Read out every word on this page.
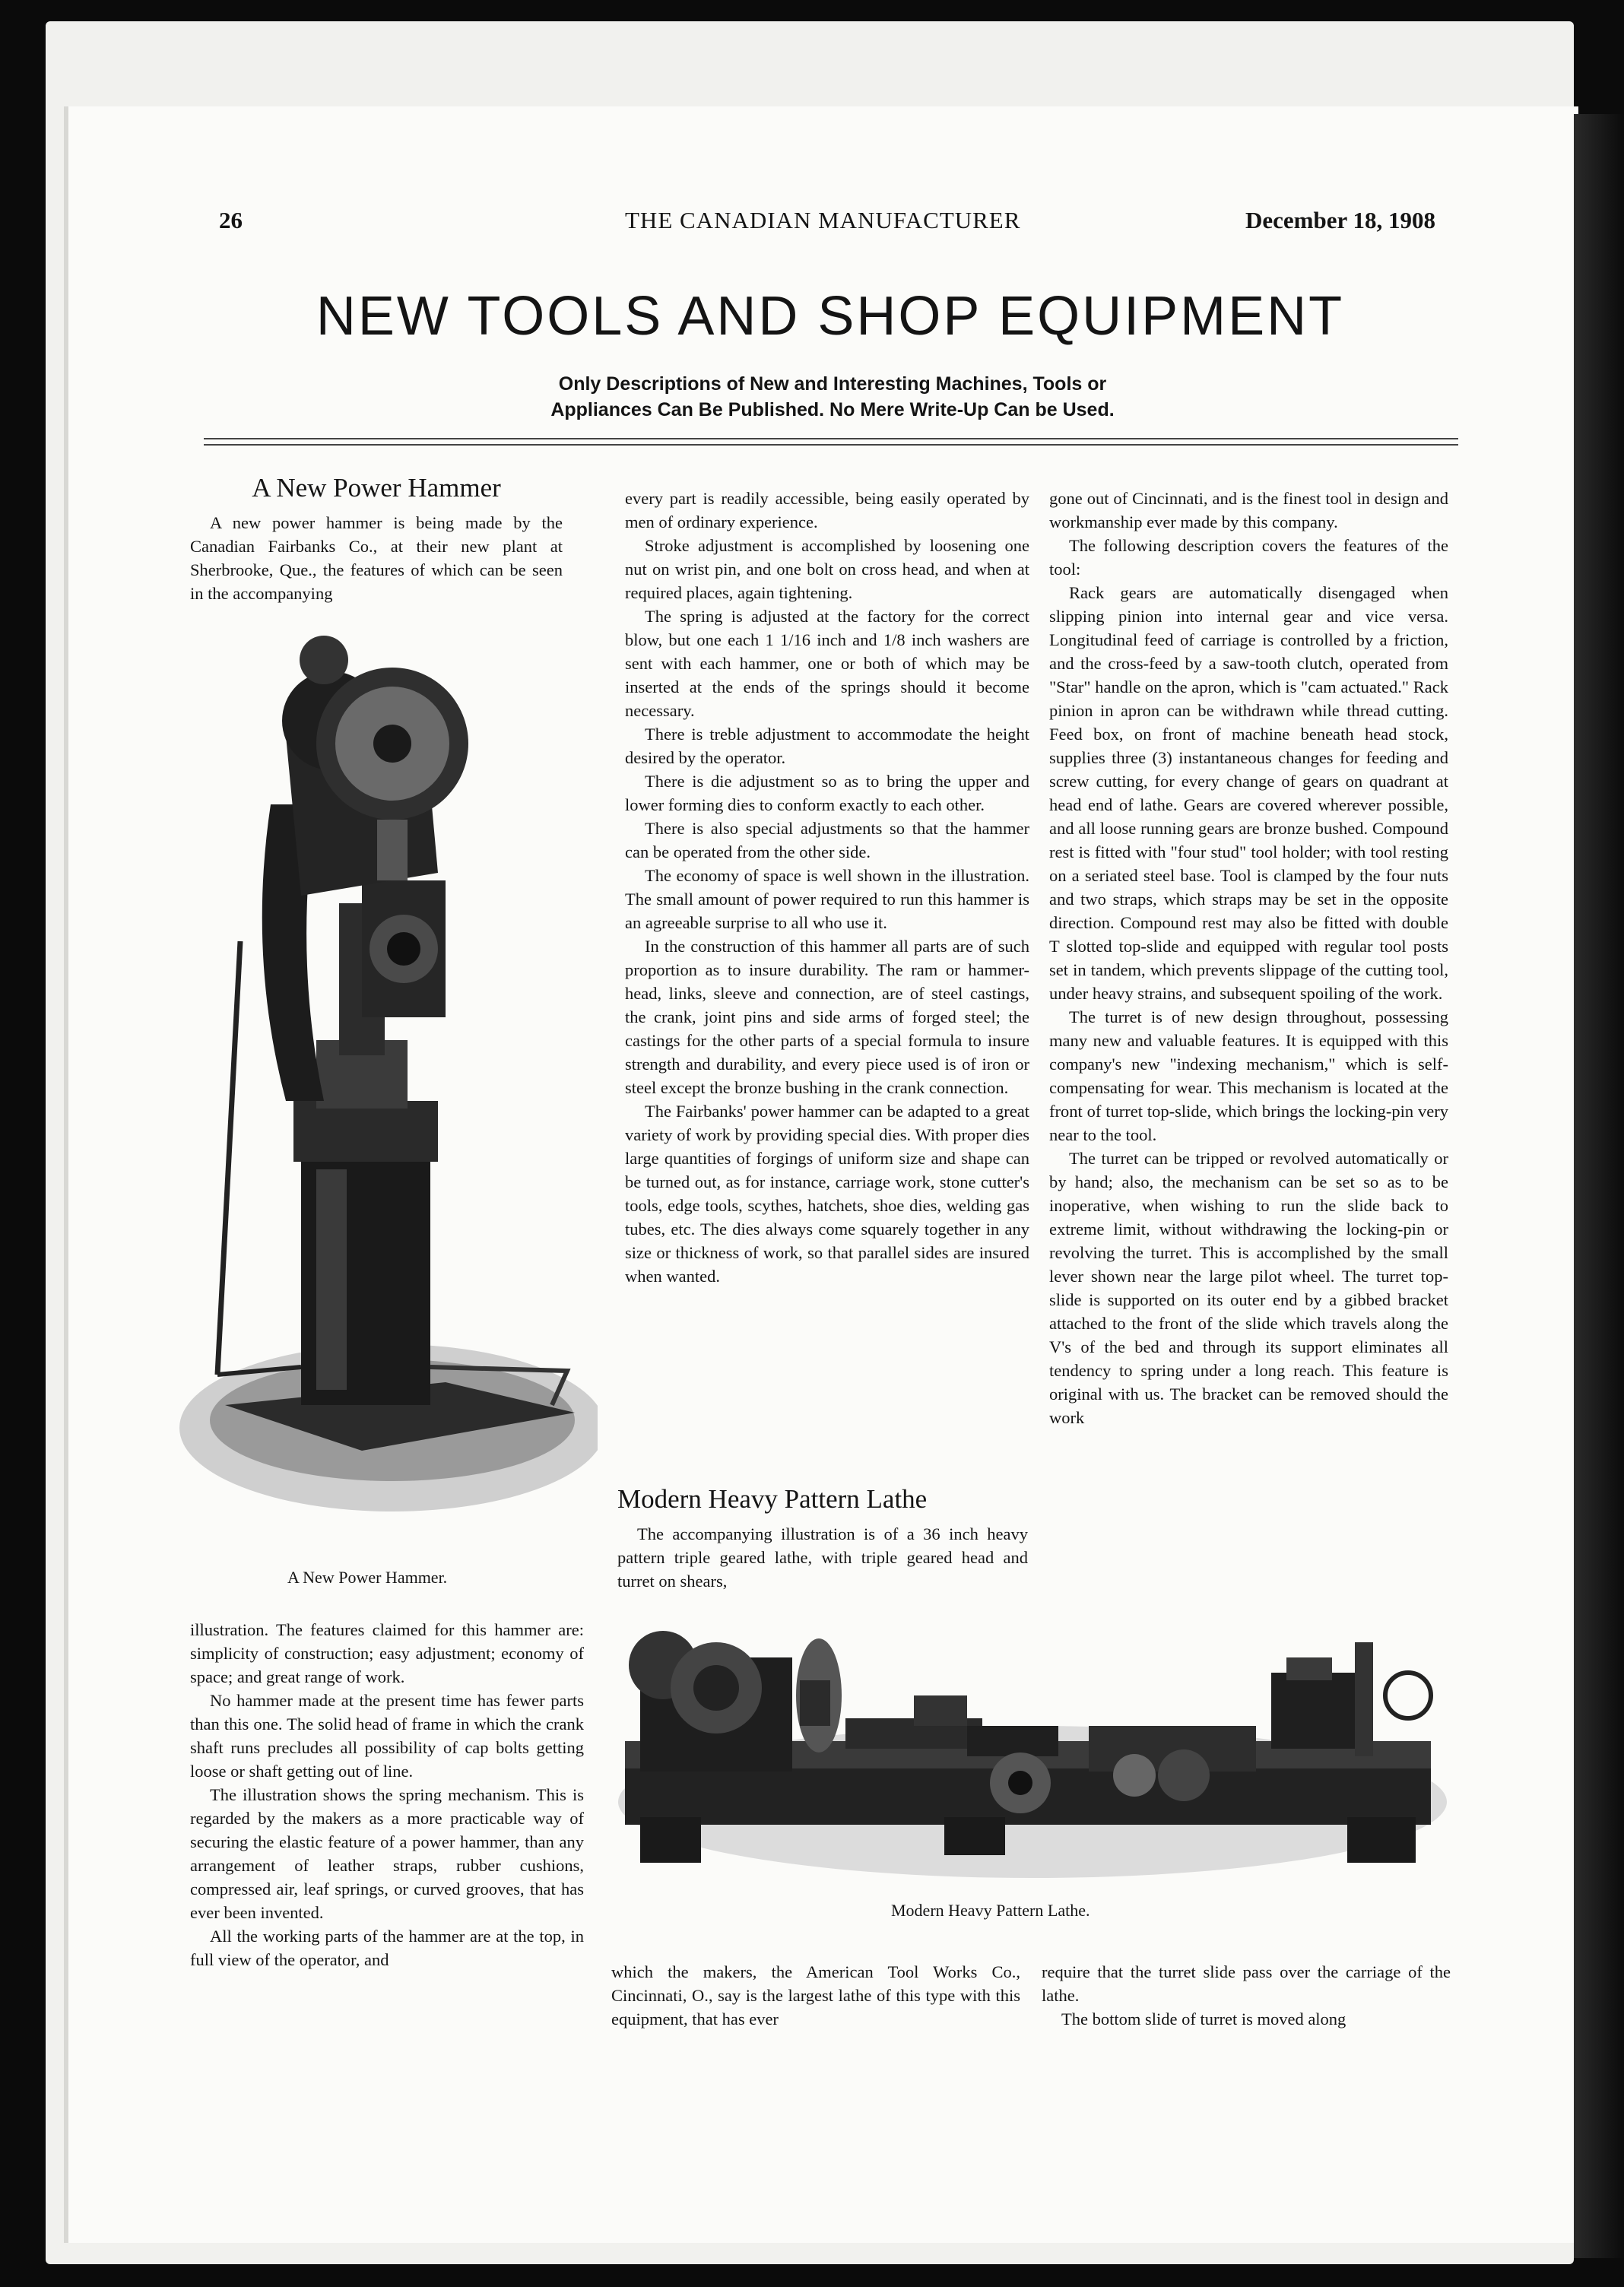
26	THE CANADIAN MANUFACTURER	December 18, 1908
NEW TOOLS AND SHOP EQUIPMENT
Only Descriptions of New and Interesting Machines, Tools or
Appliances Can Be Published. No Mere Write-Up Can be Used.
A New Power Hammer

A new power hammer is being made by the Canadian Fairbanks Co., at their new plant at Sherbrooke, Que., the features of which can be seen in the accompanying

A New Power Hammer.

illustration. The features claimed for this hammer are: simplicity of construction; easy adjustment; economy of space; and great range of work.

No hammer made at the present time has fewer parts than this one. The solid head of frame in which the crank shaft runs precludes all possibility of cap bolts getting loose or shaft getting out of line.

The illustration shows the spring mechanism. This is regarded by the makers as a more practicable way of securing the elastic feature of a power hammer, than any arrangement of leather straps, rubber cushions, compressed air, leaf springs, or curved grooves, that has ever been invented.

All the working parts of the hammer are at the top, in full view of the operator, and

every part is readily accessible, being easily operated by men of ordinary experience.

Stroke adjustment is accomplished by loosening one nut on wrist pin, and one bolt on cross head, and when at required places, again tightening.

The spring is adjusted at the factory for the correct blow, but one each 1 1/16 inch and 1/8 inch washers are sent with each hammer, one or both of which may be inserted at the ends of the springs should it become necessary.

There is treble adjustment to accommodate the height desired by the operator.

There is die adjustment so as to bring the upper and lower forming dies to conform exactly to each other.

There is also special adjustments so that the hammer can be operated from the other side.

The economy of space is well shown in the illustration. The small amount of power required to run this hammer is an agreeable surprise to all who use it.

In the construction of this hammer all parts are of such proportion as to insure durability. The ram or hammer-head, links, sleeve and connection, are of steel castings, the crank, joint pins and side arms of forged steel; the castings for the other parts of a special formula to insure strength and durability, and every piece used is of iron or steel except the bronze bushing in the crank connection.

The Fairbanks' power hammer can be adapted to a great variety of work by providing special dies. With proper dies large quantities of forgings of uniform size and shape can be turned out, as for instance, carriage work, stone cutter's tools, edge tools, scythes, hatchets, shoe dies, welding gas tubes, etc. The dies always come squarely together in any size or thickness of work, so that parallel sides are insured when wanted.

Modern Heavy Pattern Lathe

The accompanying illustration is of a 36 inch heavy pattern triple geared lathe, with triple geared head and turret on shears,

gone out of Cincinnati, and is the finest tool in design and workmanship ever made by this company.

The following description covers the features of the tool:

Rack gears are automatically disengaged when slipping pinion into internal gear and vice versa. Longitudinal feed of carriage is controlled by a friction, and the cross-feed by a saw-tooth clutch, operated from "Star" handle on the apron, which is "cam actuated." Rack pinion in apron can be withdrawn while thread cutting. Feed box, on front of machine beneath head stock, supplies three (3) instantaneous changes for feeding and screw cutting, for every change of gears on quadrant at head end of lathe. Gears are covered wherever possible, and all loose running gears are bronze bushed. Compound rest is fitted with "four stud" tool holder; with tool resting on a seriated steel base. Tool is clamped by the four nuts and two straps, which straps may be set in the opposite direction. Compound rest may also be fitted with double T slotted top-slide and equipped with regular tool posts set in tandem, which prevents slippage of the cutting tool, under heavy strains, and subsequent spoiling of the work.

The turret is of new design throughout, possessing many new and valuable features. It is equipped with this company's new "indexing mechanism," which is self-compensating for wear. This mechanism is located at the front of turret top-slide, which brings the locking-pin very near to the tool.

The turret can be tripped or revolved automatically or by hand; also, the mechanism can be set so as to be inoperative, when wishing to run the slide back to extreme limit, without withdrawing the locking-pin or revolving the turret. This is accomplished by the small lever shown near the large pilot wheel. The turret top-slide is supported on its outer end by a gibbed bracket attached to the front of the slide which travels along the V's of the bed and through its support eliminates all tendency to spring under a long reach. This feature is original with us. The bracket can be removed should the work

Modern Heavy Pattern Lathe.

which the makers, the American Tool Works Co., Cincinnati, O., say is the largest lathe of this type with this equipment, that has ever

require that the turret slide pass over the carriage of the lathe.

The bottom slide of turret is moved along
